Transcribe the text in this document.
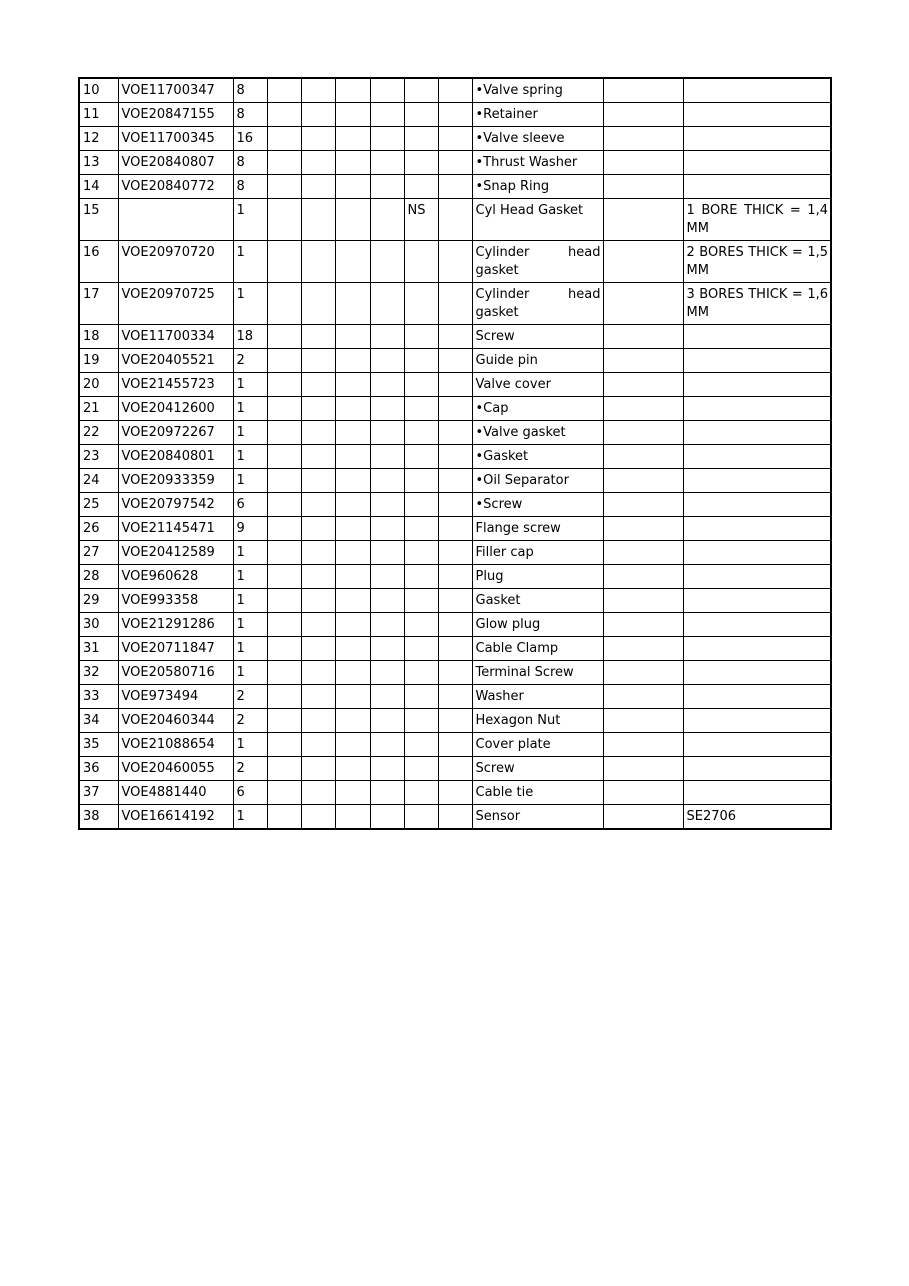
10	VOE11700347	8							•Valve spring		
11	VOE20847155	8							•Retainer		
12	VOE11700345	16							•Valve sleeve		
13	VOE20840807	8							•Thrust Washer		
14	VOE20840772	8							•Snap Ring		
15		1					NS		Cyl Head Gasket		1 BORE THICK = 1,4 MM
16	VOE20970720	1							Cylinder head gasket		2 BORES THICK = 1,5 MM
17	VOE20970725	1							Cylinder head gasket		3 BORES THICK = 1,6 MM
18	VOE11700334	18							Screw		
19	VOE20405521	2							Guide pin		
20	VOE21455723	1							Valve cover		
21	VOE20412600	1							•Cap		
22	VOE20972267	1							•Valve gasket		
23	VOE20840801	1							•Gasket		
24	VOE20933359	1							•Oil Separator		
25	VOE20797542	6							•Screw		
26	VOE21145471	9							Flange screw		
27	VOE20412589	1							Filler cap		
28	VOE960628	1							Plug		
29	VOE993358	1							Gasket		
30	VOE21291286	1							Glow plug		
31	VOE20711847	1							Cable Clamp		
32	VOE20580716	1							Terminal Screw		
33	VOE973494	2							Washer		
34	VOE20460344	2							Hexagon Nut		
35	VOE21088654	1							Cover plate		
36	VOE20460055	2							Screw		
37	VOE4881440	6							Cable tie		
38	VOE16614192	1							Sensor		SE2706
